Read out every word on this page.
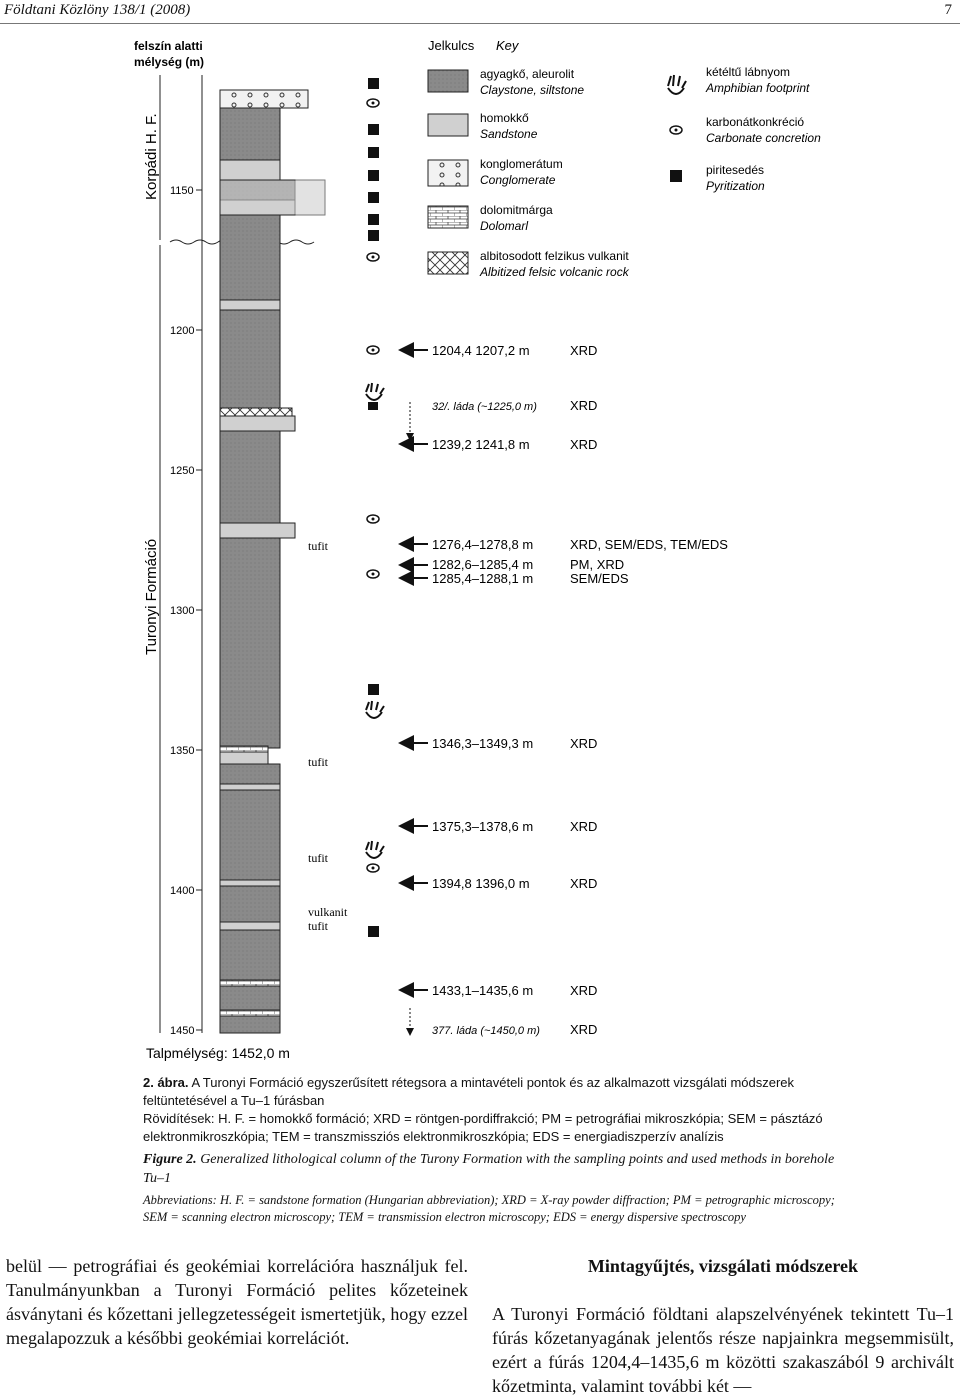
Földtani Közlöny 138/1 (2008)	7
felszín alatti
mélység (m)
1150
1200
1250
1300
1350
1400
1450
Korpádi H. F.
Turonyi Formáció	tufit
tufit
tufit
vulkanit
tufit
1204,4 1207,2 m	XRD
32/. láda (~1225,0 m)	XRD
1239,2 1241,8 m	XRD
1276,4–1278,8 m	XRD, SEM/EDS, TEM/EDS
1282,6–1285,4 m	PM, XRD
1285,4–1288,1 m	SEM/EDS
1346,3–1349,3 m	XRD
1375,3–1378,6 m	XRD
1394,8 1396,0 m	XRD
1433,1–1435,6 m	XRD
377. láda (~1450,0 m) XRD
Talpmélység: 1452,0 m
Jelkulcs Key
agyagkő, aleurolit
Claystone, siltstone
homokkő
Sandstone
konglomerátum
Conglomerate
dolomitmárga
Dolomarl
albitosodott felzikus vulkanit
Albitized felsic volcanic rock
kétéltű lábnyom
Amphibian footprint
karbonátkonkréció
Carbonate concretion
piritesedés
Pyritization

2. ábra. A Turonyi Formáció egyszerűsített rétegsora a mintavételi pontok és az alkalmazott vizsgálati módszerek feltüntetésével a Tu–1 fúrásban

Rövidítések: H. F. = homokkő formáció; XRD = röntgen-pordiffrakció; PM = petrográfiai mikroszkópia; SEM = pásztázó elektronmikroszkópia; TEM = transzmissziós elektronmikroszkópia; EDS = energiadiszperzív analízis

Figure 2. Generalized lithological column of the Turony Formation with the sampling points and used methods in borehole Tu–1

Abbreviations: H. F. = sandstone formation (Hungarian abbreviation); XRD = X-ray powder diffraction; PM = petrographic microscopy; SEM = scanning electron microscopy; TEM = transmission electron microscopy; EDS = energy dispersive spectroscopy

belül — petrográfiai és geokémiai korrelációra használjuk fel. Tanulmányunkban a Turonyi Formáció pelites kőzeteinek ásványtani és kőzettani jellegzetességeit ismertetjük, hogy ezzel megalapozzuk a későbbi geokémiai korrelációt.

Mintagyűjtés, vizsgálati módszerek

A Turonyi Formáció földtani alapszelvényének tekintett Tu–1 fúrás kőzetanyagának jelentős része napjainkra megsemmisült, ezért a fúrás 1204,4–1435,6 m közötti szakaszából 9 archivált kőzetminta, valamint további két —
